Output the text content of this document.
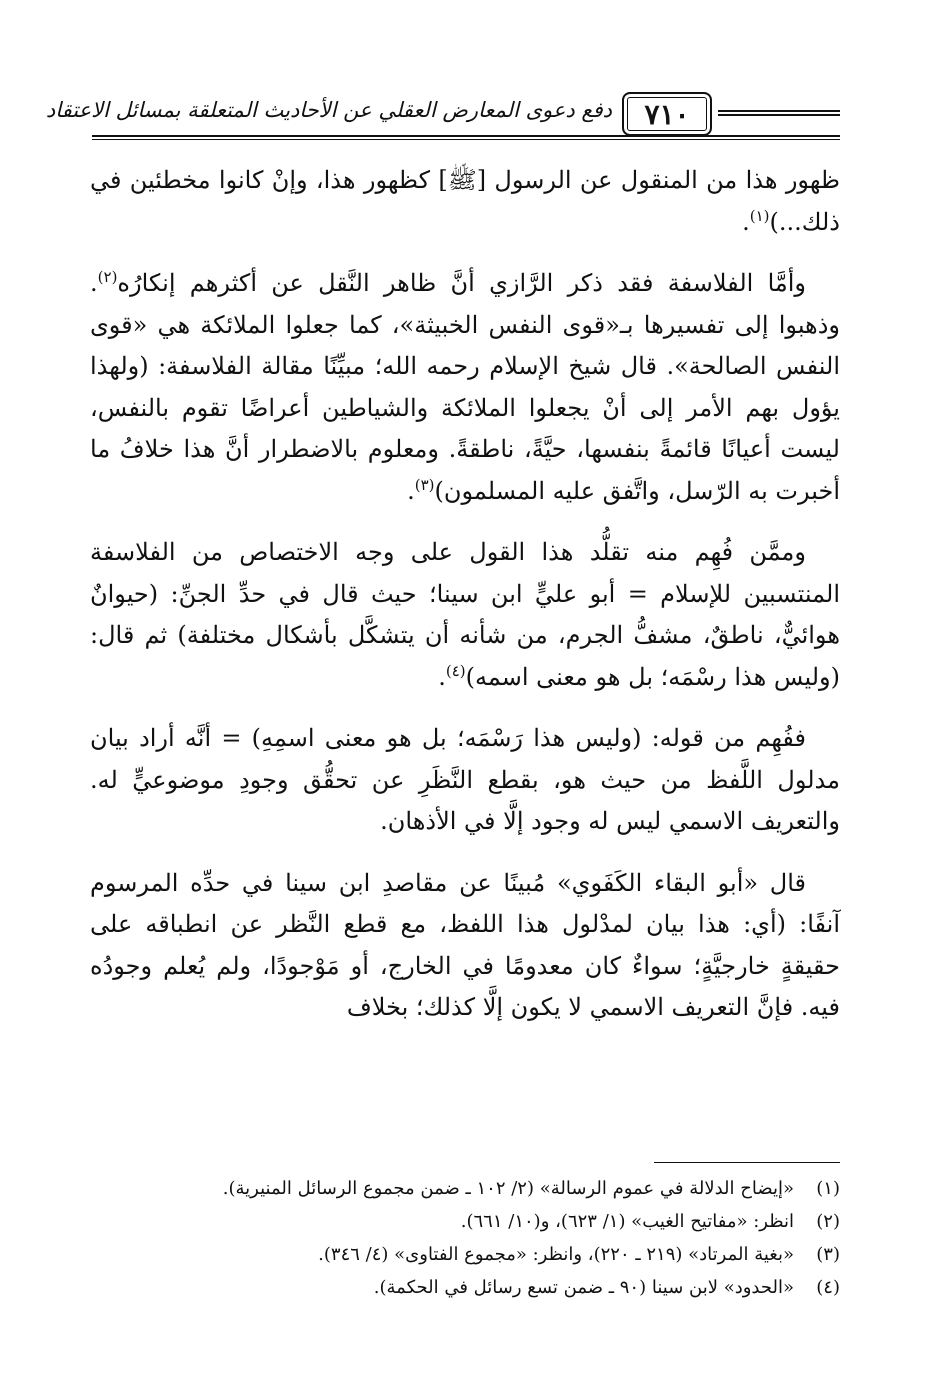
دفع دعوى المعارض العقلي عن الأحاديث المتعلقة بمسائل الاعتقاد	٧١٠

ظهور هذا من المنقول عن الرسول [ﷺ] كظهور هذا، وإنْ كانوا مخطئين في ذلك...)$^{(١)}$.

وأمَّا الفلاسفة فقد ذكر الرَّازي أنَّ ظاهر النَّقل عن أكثرهم إنكارُه$^{(٢)}$. وذهبوا إلى تفسيرها بـ«قوى النفس الخبيثة»، كما جعلوا الملائكة هي «قوى النفس الصالحة». قال شيخ الإسلام رحمه الله؛ مبيِّنًا مقالة الفلاسفة: (ولهذا يؤول بهم الأمر إلى أنْ يجعلوا الملائكة والشياطين أعراضًا تقوم بالنفس، ليست أعيانًا قائمةً بنفسها، حيَّةً، ناطقةً. ومعلوم بالاضطرار أنَّ هذا خلافُ ما أخبرت به الرّسل، واتَّفق عليه المسلمون)$^{(٣)}$.

وممَّن فُهِم منه تقلُّد هذا القول على وجه الاختصاص من الفلاسفة المنتسبين للإسلام = أبو عليٍّ ابن سينا؛ حيث قال في حدِّ الجنِّ: (حيوانٌ هوائيٌّ، ناطقٌ، مشفُّ الجرم، من شأنه أن يتشكَّل بأشكال مختلفة) ثم قال: (وليس هذا رسْمَه؛ بل هو معنى اسمه)$^{(٤)}$.

ففُهِم من قوله: (وليس هذا رَسْمَه؛ بل هو معنى اسمِهِ) = أنَّه أراد بيان مدلول اللَّفظ من حيث هو، بقطع النَّظَرِ عن تحقُّق وجودِ موضوعيٍّ له. والتعريف الاسمي ليس له وجود إلَّا في الأذهان.

قال «أبو البقاء الكَفَوي» مُبينًا عن مقاصدِ ابن سينا في حدِّه المرسوم آنفًا: (أي: هذا بيان لمدْلول هذا اللفظ، مع قطع النَّظر عن انطباقه على حقيقةٍ خارجيَّةٍ؛ سواءٌ كان معدومًا في الخارج، أو مَوْجودًا، ولم يُعلم وجودُه فيه. فإنَّ التعريف الاسمي لا يكون إلَّا كذلك؛ بخلاف

(١)
«إيضاح الدلالة في عموم الرسالة» (٢/ ١٠٢ ـ ضمن مجموع الرسائل المنيرية).
(٢)
انظر: «مفاتيح الغيب» (١/ ٦٢٣)، و(١٠/ ٦٦١).
(٣)
«بغية المرتاد» (٢١٩ ـ ٢٢٠)، وانظر: «مجموع الفتاوى» (٤/ ٣٤٦).
(٤)
«الحدود» لابن سينا (٩٠ ـ ضمن تسع رسائل في الحكمة).
